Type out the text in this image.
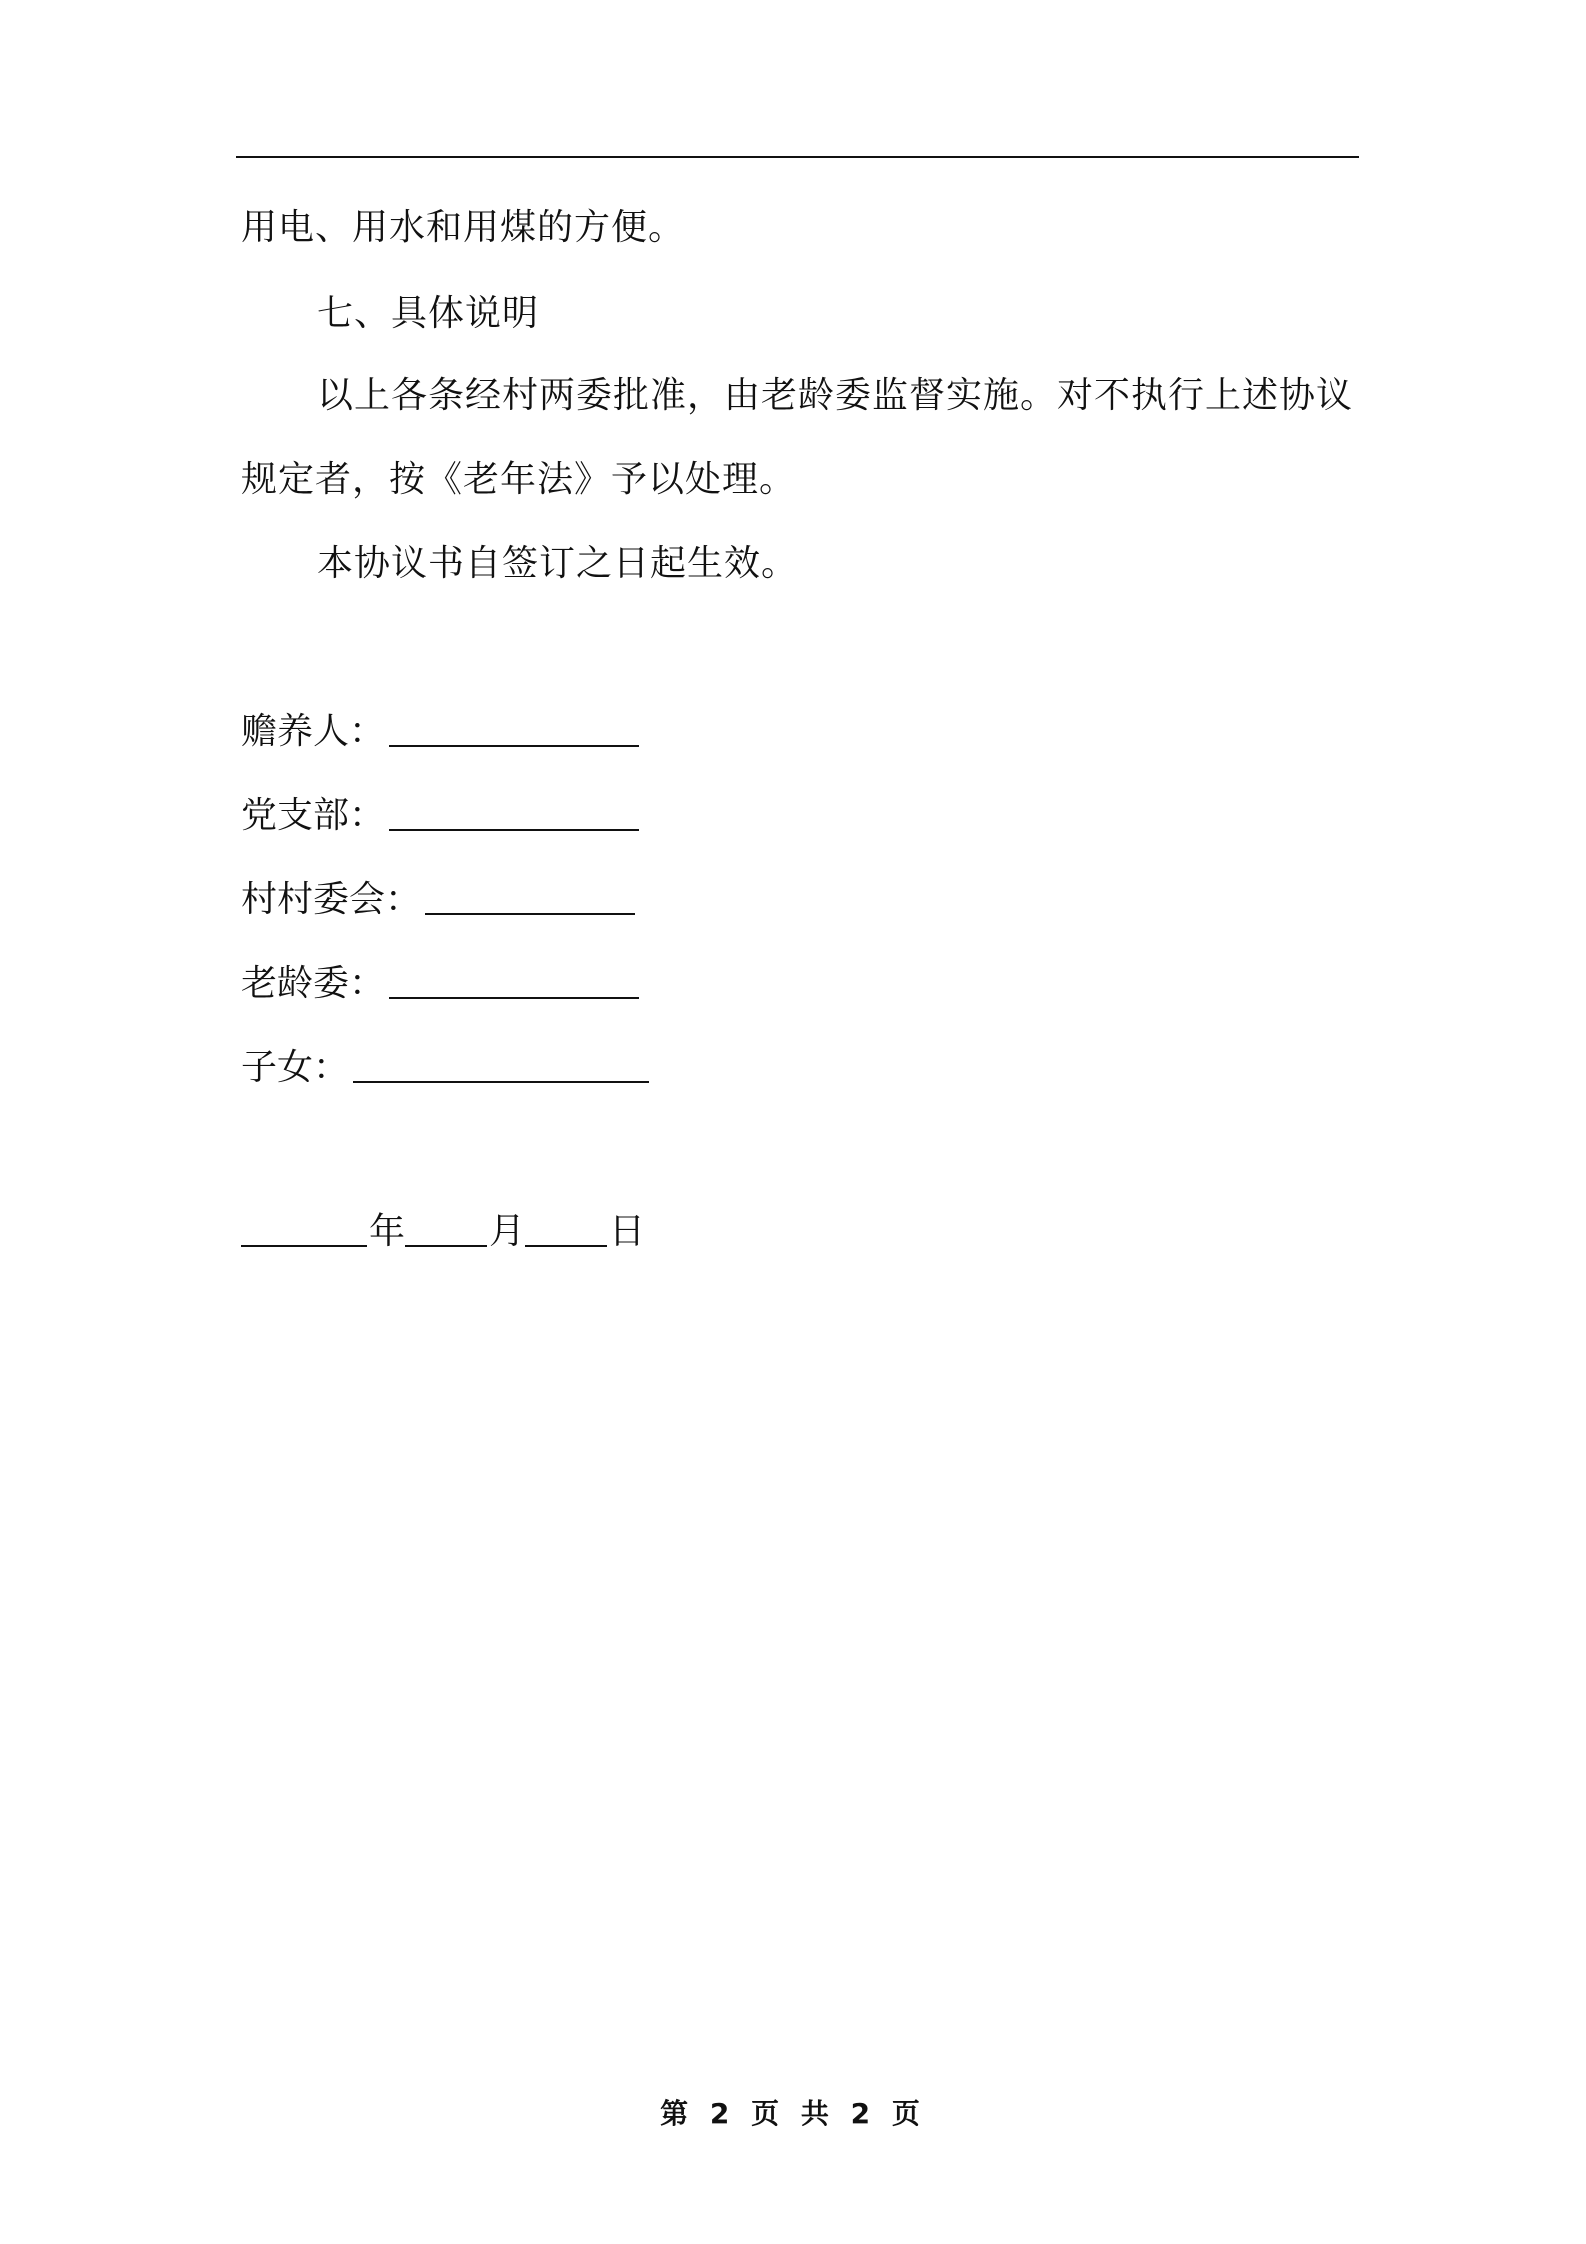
用电、用水和用煤的方便。
七、具体说明
以上各条经村两委批准，由老龄委监督实施。对不执行上述协议
规定者，按《老年法》予以处理。
本协议书自签订之日起生效。
赡养人：
党支部：
村村委会：
老龄委：
子女：
年 月 日
第 2 页 共 2 页
